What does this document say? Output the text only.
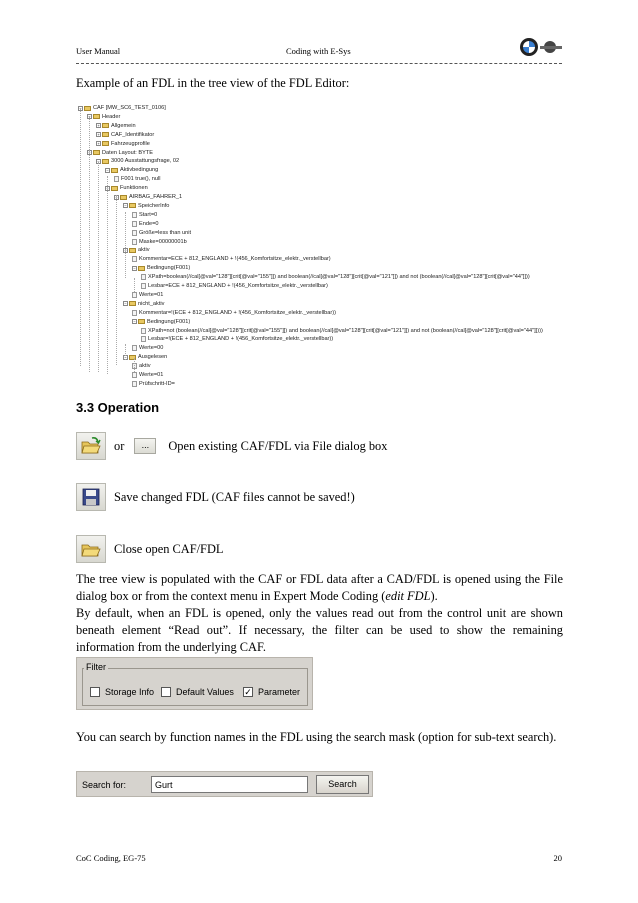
User Manual	Coding with E-Sys
Example of an FDL in the tree view of the FDL Editor:
− CAF [MW_SC6_TEST_0106]
− Header
+ Allgemein
+ CAF_Identifikator
+ Fahrzeugprofile
− Daten Layout: BYTE
− 3000 Ausstattungsfrage, 02
− Aktivbedingung
F001 true(), null
− Funktionen
− AIRBAG_FAHRER_1
− SpeicherInfo
Start=0
Ende=0
Größe=less than unit
Maske=00000001b
− aktiv
Kommentar=ECE + 812_ENGLAND + !(456_Komfortsitze_elektr._verstellbar)
− Bedingung(F001)
XPath=boolean(//cal[@val="128"][crit[@val="155"]]) and boolean(//cal[@val="128"][crit[@val="121"]]) and not (boolean(//cal[@val="128"][crit[@val="44"]]))
Lesbar=ECE + 812_ENGLAND + !(456_Komfortsitze_elektr._verstellbar)
Werte=01
− nicht_aktiv
Kommentar=!(ECE + 812_ENGLAND + !(456_Komfortsitze_elektr._verstellbar))
− Bedingung(F001)
XPath=not (boolean(//cal[@val="128"][crit[@val="155"]]) and boolean(//cal[@val="128"][crit[@val="121"]]) and not (boolean(//cal[@val="128"][crit[@val="44"]])))
Lesbar=!(ECE + 812_ENGLAND + !(456_Komfortsitze_elektr._verstellbar))
Werte=00
− Ausgelesen
aktiv
Werte=01
Prüfschritt-ID=
3.3 Operation
or	...	Open existing CAF/FDL via File dialog box
Save changed FDL (CAF files cannot be saved!)
Close open CAF/FDL
The tree view is populated with the CAF or FDL data after a CAD/FDL is opened using the File dialog box or from the context menu in Expert Mode Coding (edit FDL).
By default, when an FDL is opened, only the values read out from the control unit are shown beneath element “Read out”. If necessary, the filter can be used to show the remaining information from the underlying CAF.
Filter
Storage Info Default Values ✓ Parameter
You can search by function names in the FDL using the search mask (option for sub-text search).
Search for:
Gurt	Search
CoC Coding, EG-75	20
